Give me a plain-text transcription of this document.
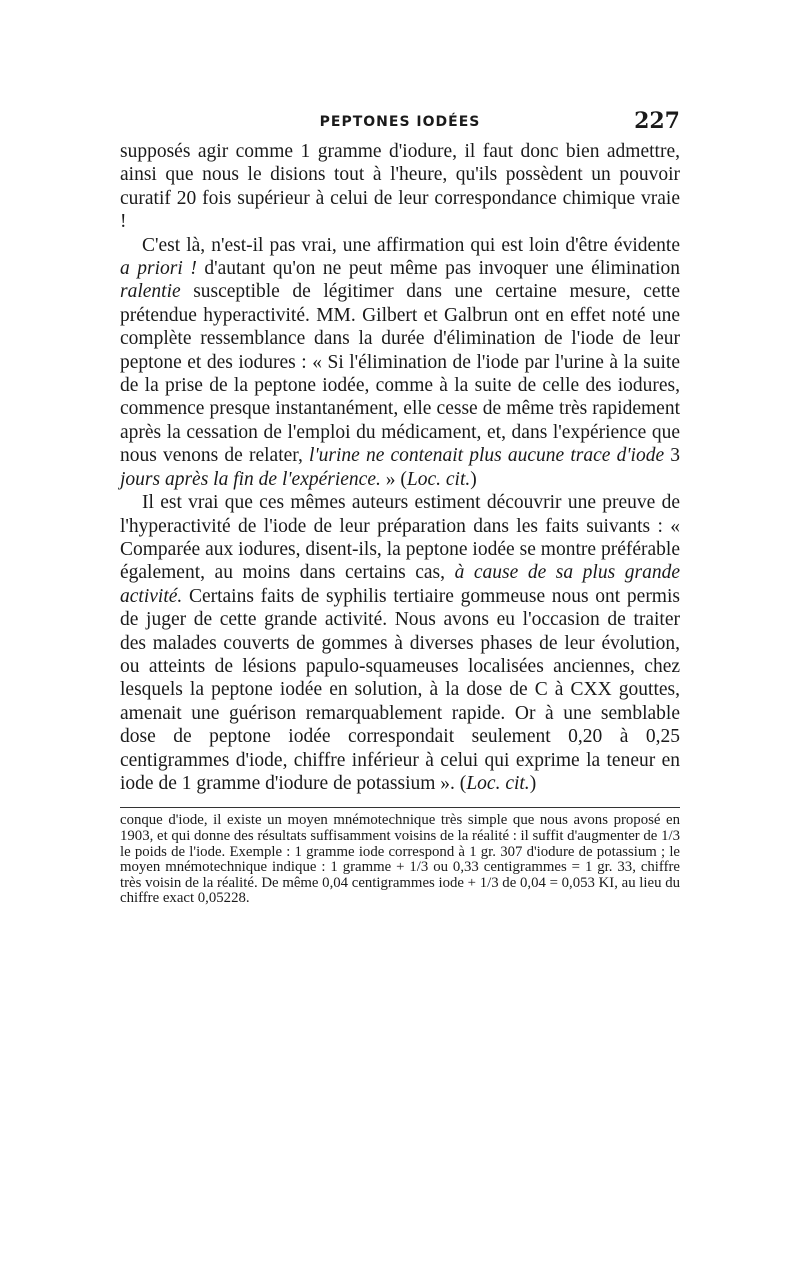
PEPTONES IODÉES	227

supposés agir comme 1 gramme d'iodure, il faut donc bien admettre, ainsi que nous le disions tout à l'heure, qu'ils possèdent un pouvoir curatif 20 fois supérieur à celui de leur correspondance chimique vraie !

C'est là, n'est-il pas vrai, une affirmation qui est loin d'être évidente a priori ! d'autant qu'on ne peut même pas invoquer une élimination ralentie susceptible de légitimer dans une certaine mesure, cette prétendue hyperactivité. MM. Gilbert et Galbrun ont en effet noté une complète ressemblance dans la durée d'élimination de l'iode de leur peptone et des iodures : « Si l'élimination de l'iode par l'urine à la suite de la prise de la peptone iodée, comme à la suite de celle des iodures, commence presque instantanément, elle cesse de même très rapidement après la cessation de l'emploi du médicament, et, dans l'expérience que nous venons de relater, l'urine ne contenait plus aucune trace d'iode 3 jours après la fin de l'expérience. » (Loc. cit.)

Il est vrai que ces mêmes auteurs estiment découvrir une preuve de l'hyperactivité de l'iode de leur préparation dans les faits suivants : « Comparée aux iodures, disent-ils, la peptone iodée se montre préférable également, au moins dans certains cas, à cause de sa plus grande activité. Certains faits de syphilis tertiaire gommeuse nous ont permis de juger de cette grande activité. Nous avons eu l'occasion de traiter des malades couverts de gommes à diverses phases de leur évolution, ou atteints de lésions papulo-squameuses localisées anciennes, chez lesquels la peptone iodée en solution, à la dose de C à CXX gouttes, amenait une guérison remarquablement rapide. Or à une semblable dose de peptone iodée correspondait seulement 0,20 à 0,25 centigrammes d'iode, chiffre inférieur à celui qui exprime la teneur en iode de 1 gramme d'iodure de potassium ». (Loc. cit.)

conque d'iode, il existe un moyen mnémotechnique très simple que nous avons proposé en 1903, et qui donne des résultats suffisamment voisins de la réalité : il suffit d'augmenter de 1/3 le poids de l'iode. Exemple : 1 gramme iode correspond à 1 gr. 307 d'iodure de potassium ; le moyen mnémotechnique indique : 1 gramme + 1/3 ou 0,33 centigrammes = 1 gr. 33, chiffre très voisin de la réalité. De même 0,04 centigrammes iode + 1/3 de 0,04 = 0,053 KI, au lieu du chiffre exact 0,05228.
